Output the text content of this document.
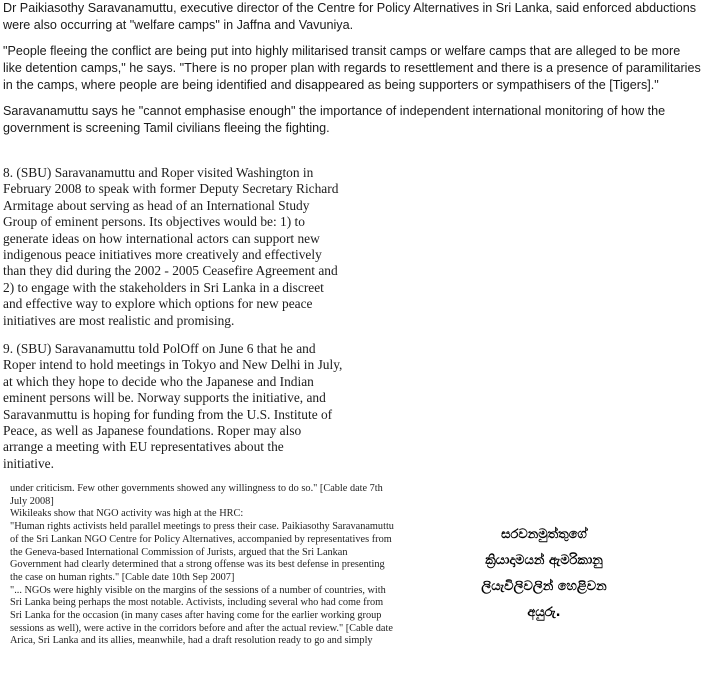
Dr Paikiasothy Saravanamuttu, executive director of the Centre for Policy Alternatives in Sri Lanka, said enforced abductions
were also occurring at "welfare camps" in Jaffna and Vavuniya.
"People fleeing the conflict are being put into highly militarised transit camps or welfare camps that are alleged to be more
like detention camps," he says. "There is no proper plan with regards to resettlement and there is a presence of paramilitaries
in the camps, where people are being identified and disappeared as being supporters or sympathisers of the [Tigers]."
Saravanamuttu says he "cannot emphasise enough" the importance of independent international monitoring of how the
government is screening Tamil civilians fleeing the fighting.
8. (SBU) Saravanamuttu and Roper visited Washington in
February 2008 to speak with former Deputy Secretary Richard
Armitage about serving as head of an International Study
Group of eminent persons. Its objectives would be: 1) to
generate ideas on how international actors can support new
indigenous peace initiatives more creatively and effectively
than they did during the 2002 - 2005 Ceasefire Agreement and
2) to engage with the stakeholders in Sri Lanka in a discreet
and effective way to explore which options for new peace
initiatives are most realistic and promising.
9. (SBU) Saravanamuttu told PolOff on June 6 that he and
Roper intend to hold meetings in Tokyo and New Delhi in July,
at which they hope to decide who the Japanese and Indian
eminent persons will be. Norway supports the initiative, and
Saravanmuttu is hoping for funding from the U.S. Institute of
Peace, as well as Japanese foundations. Roper may also
arrange a meeting with EU representatives about the
initiative.

under criticism. Few other governments showed any willingness to do so." [Cable date 7th

July 2008]

Wikileaks show that NGO activity was high at the HRC:

"Human rights activists held parallel meetings to press their case. Paikiasothy Saravanamuttu

of the Sri Lankan NGO Centre for Policy Alternatives, accompanied by representatives from

the Geneva-based International Commission of Jurists, argued that the Sri Lankan

Government had clearly determined that a strong offense was its best defense in presenting

the case on human rights." [Cable date 10th Sep 2007]

"... NGOs were highly visible on the margins of the sessions of a number of countries, with

Sri Lanka being perhaps the most notable. Activists, including several who had come from

Sri Lanka for the occasion (in many cases after having come for the earlier working group

sessions as well), were active in the corridors before and after the actual review." [Cable date

Arica, Sri Lanka and its allies, meanwhile, had a draft resolution ready to go and simply

සරවනමුත්තුගේ
ක්‍රියාදාමයන් ඇමරිකානු
ලියැවිලිවලින් හෙළිවන
අයුරු.
